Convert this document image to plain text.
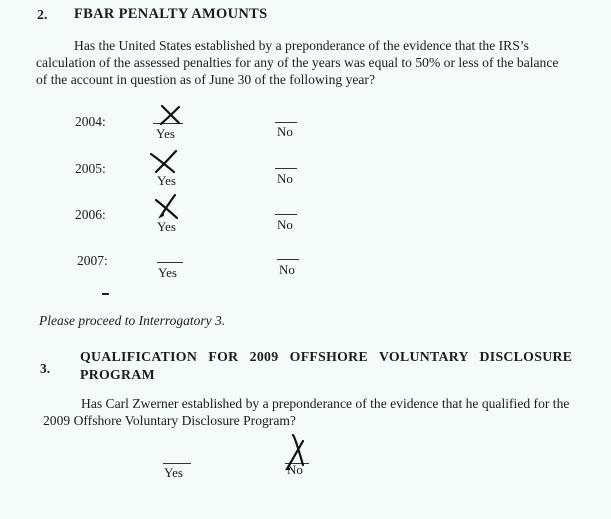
2. FBAR PENALTY AMOUNTS
Has the United States established by a preponderance of the evidence that the IRS’s
calculation of the assessed penalties for any of the years was equal to 50% or less of the balance
of the account in question as of June 30 of the following year?
2004:
Yes	No
2005:
Yes	No
2006:
Yes	No
2007:
Yes	No
Please proceed to Interrogatory 3.
3.
QUALIFICATION   FOR   2009   OFFSHORE   VOLUNTARY   DISCLOSURE
PROGRAM
Has Carl Zwerner established by a preponderance of the evidence that he qualified for the
2009 Offshore Voluntary Disclosure Program?
Yes	No
